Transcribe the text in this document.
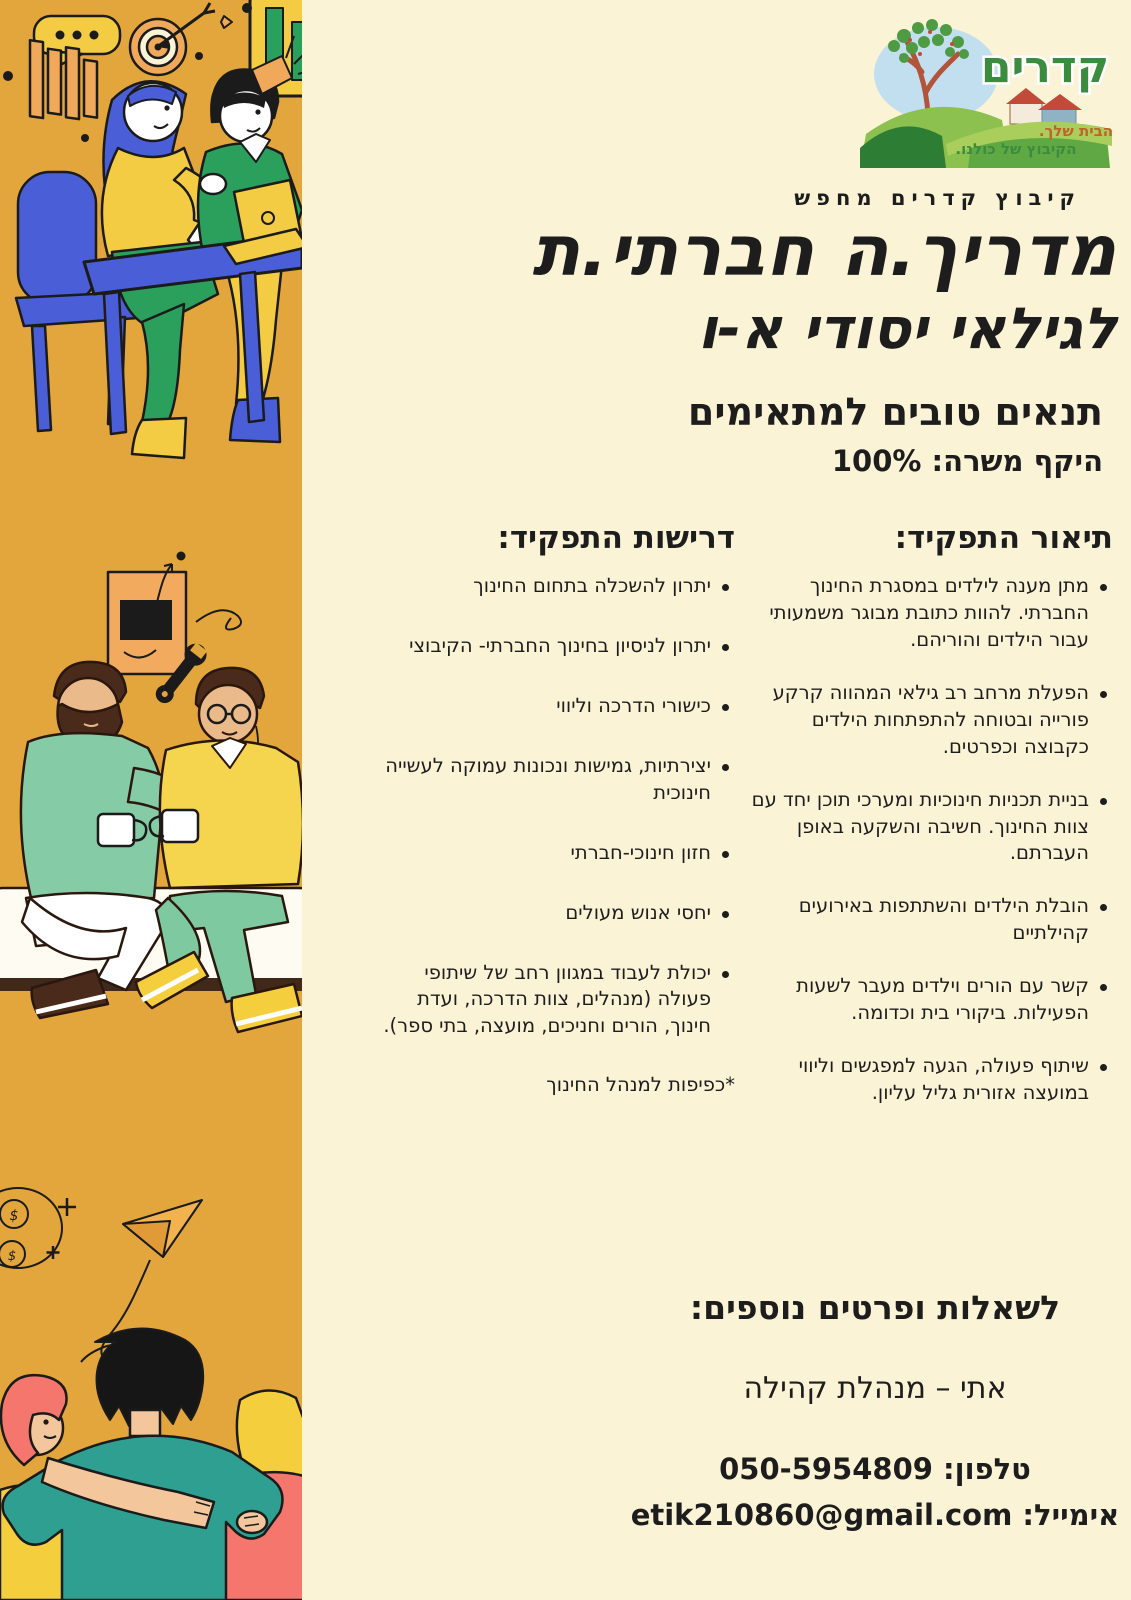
$
$
קדרים
הבית שלך.
הקיבוץ של כולנו.
קיבוץ קדרים מחפש
מדריך.ה חברתי.ת
לגילאי יסודי א-ו
תנאים טובים למתאימים
היקף משרה: 100%
תיאור התפקיד:
מתן מענה לילדים במסגרת החינוך החברתי. להוות כתובת מבוגר משמעותי עבור הילדים והוריהם.
הפעלת מרחב רב גילאי המהווה קרקע פורייה ובטוחה להתפתחות הילדים כקבוצה וכפרטים.
בניית תכניות חינוכיות ומערכי תוכן יחד עם צוות החינוך. חשיבה והשקעה באופן העברתם.
הובלת הילדים והשתתפות באירועים קהילתיים
קשר עם הורים וילדים מעבר לשעות הפעילות. ביקורי בית וכדומה.
שיתוף פעולה, הגעה למפגשים וליווי במועצה אזורית גליל עליון.
דרישות התפקיד:
יתרון להשכלה בתחום החינוך
יתרון לניסיון בחינוך החברתי- הקיבוצי
כישורי הדרכה וליווי
יצירתיות, גמישות ונכונות עמוקה לעשייה חינוכית
חזון חינוכי-חברתי
יחסי אנוש מעולים
יכולת לעבוד במגוון רחב של שיתופי פעולה (מנהלים, צוות הדרכה, ועדת חינוך, הורים וחניכים, מועצה, בתי ספר).
*כפיפות למנהל החינוך

לשאלות ופרטים נוספים:

אתי – מנהלת קהילה

טלפון: 050-5954809

אימייל: etik210860@gmail.com
